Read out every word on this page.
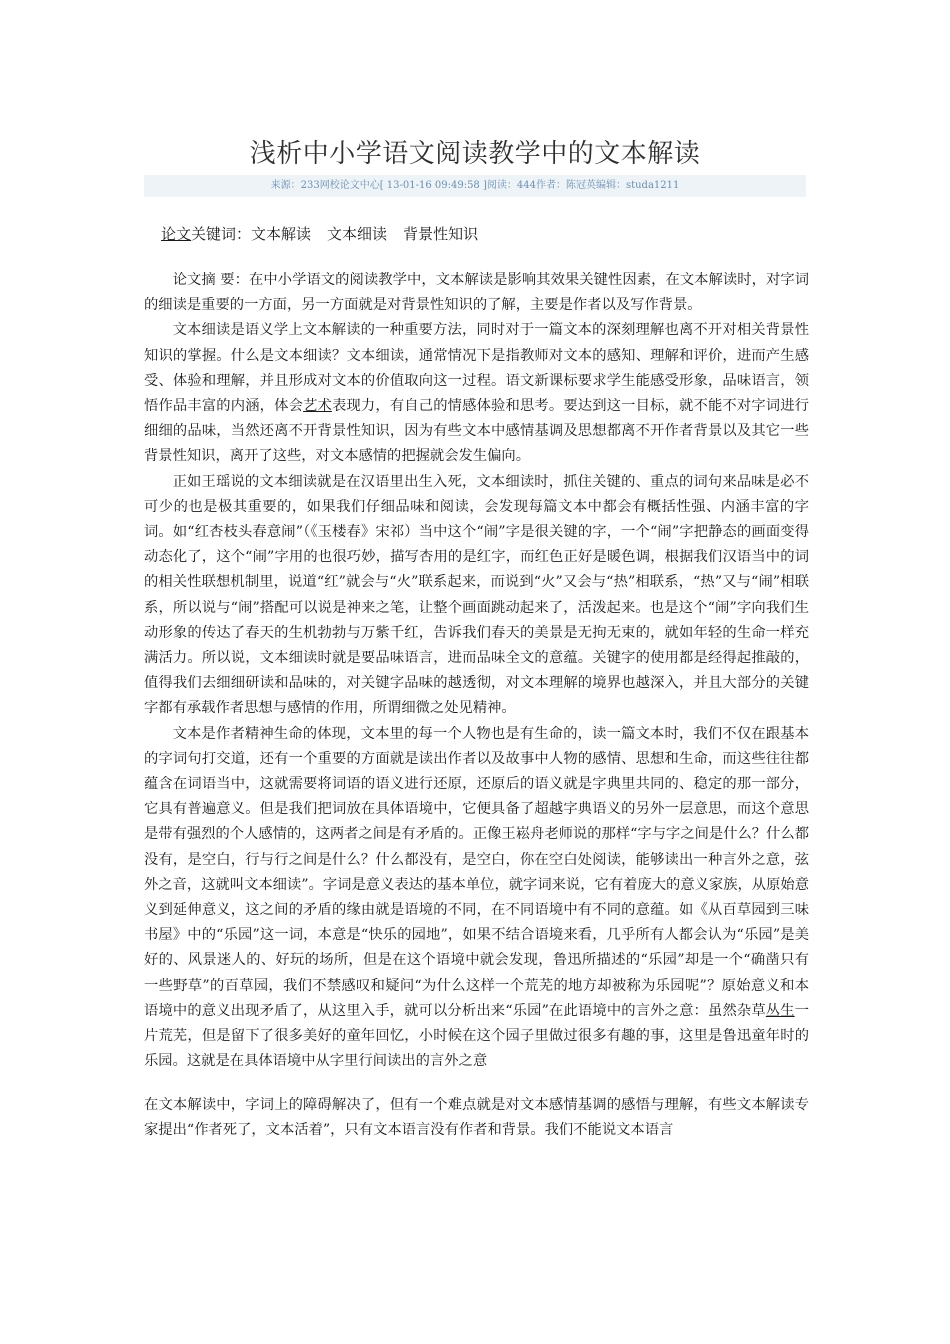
浅析中小学语文阅读教学中的文本解读
来源：233网校论文中心[ 13-01-16 09:49:58 ]阅读：444作者：陈冠英编辑：studa1211
论文关键词：文本解读 文本细读 背景性知识

论文摘 要：在中小学语文的阅读教学中，文本解读是影响其效果关键性因素，在文本解读时，对字词的细读是重要的一方面，另一方面就是对背景性知识的了解，主要是作者以及写作背景。

文本细读是语义学上文本解读的一种重要方法，同时对于一篇文本的深刻理解也离不开对相关背景性知识的掌握。什么是文本细读？文本细读，通常情况下是指教师对文本的感知、理解和评价，进而产生感受、体验和理解，并且形成对文本的价值取向这一过程。语文新课标要求学生能感受形象，品味语言，领悟作品丰富的内涵，体会艺术表现力，有自己的情感体验和思考。要达到这一目标，就不能不对字词进行细细的品味，当然还离不开背景性知识，因为有些文本中感情基调及思想都离不开作者背景以及其它一些背景性知识，离开了这些，对文本感情的把握就会发生偏向。

正如王瑶说的文本细读就是在汉语里出生入死，文本细读时，抓住关键的、重点的词句来品味是必不可少的也是极其重要的，如果我们仔细品味和阅读，会发现每篇文本中都会有概括性强、内涵丰富的字词。如“红杏枝头春意闹”（《玉楼春》宋祁）当中这个“闹”字是很关键的字，一个“闹”字把静态的画面变得动态化了，这个“闹”字用的也很巧妙，描写杏用的是红字，而红色正好是暖色调，根据我们汉语当中的词的相关性联想机制里，说道“红”就会与“火”联系起来，而说到“火”又会与“热”相联系，“热”又与“闹”相联系，所以说与“闹”搭配可以说是神来之笔，让整个画面跳动起来了，活泼起来。也是这个“闹”字向我们生动形象的传达了春天的生机勃勃与万紫千红，告诉我们春天的美景是无拘无束的，就如年轻的生命一样充满活力。所以说，文本细读时就是要品味语言，进而品味全文的意蕴。关键字的使用都是经得起推敲的，值得我们去细细研读和品味的，对关键字品味的越透彻，对文本理解的境界也越深入，并且大部分的关键字都有承载作者思想与感情的作用，所谓细微之处见精神。

文本是作者精神生命的体现，文本里的每一个人物也是有生命的，读一篇文本时，我们不仅在跟基本的字词句打交道，还有一个重要的方面就是读出作者以及故事中人物的感情、思想和生命，而这些往往都蕴含在词语当中，这就需要将词语的语义进行还原，还原后的语义就是字典里共同的、稳定的那一部分，它具有普遍意义。但是我们把词放在具体语境中，它便具备了超越字典语义的另外一层意思，而这个意思是带有强烈的个人感情的，这两者之间是有矛盾的。正像王崧舟老师说的那样“字与字之间是什么？什么都没有，是空白，行与行之间是什么？什么都没有，是空白，你在空白处阅读，能够读出一种言外之意，弦外之音，这就叫文本细读”。字词是意义表达的基本单位，就字词来说，它有着庞大的意义家族，从原始意义到延伸意义，这之间的矛盾的缘由就是语境的不同，在不同语境中有不同的意蕴。如《从百草园到三味书屋》中的“乐园”这一词，本意是“快乐的园地”，如果不结合语境来看，几乎所有人都会认为“乐园”是美好的、风景迷人的、好玩的场所，但是在这个语境中就会发现，鲁迅所描述的“乐园”却是一个“确凿只有一些野草”的百草园，我们不禁感叹和疑问“为什么这样一个荒芜的地方却被称为乐园呢”？原始意义和本语境中的意义出现矛盾了，从这里入手，就可以分析出来“乐园”在此语境中的言外之意：虽然杂草丛生一片荒芜，但是留下了很多美好的童年回忆，小时候在这个园子里做过很多有趣的事，这里是鲁迅童年时的乐园。这就是在具体语境中从字里行间读出的言外之意

在文本解读中，字词上的障碍解决了，但有一个难点就是对文本感情基调的感悟与理解，有些文本解读专家提出“作者死了，文本活着”，只有文本语言没有作者和背景。我们不能说文本语言
